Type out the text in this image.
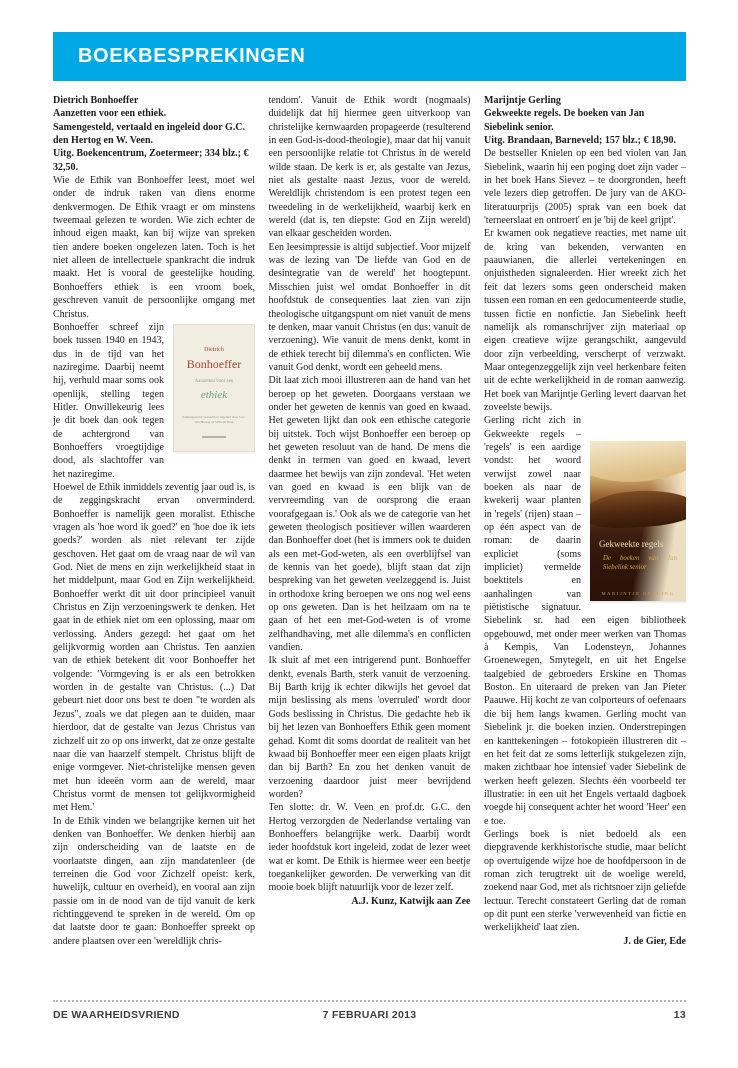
BOEKBESPREKINGEN
Dietrich Bonhoeffer
Aanzetten voor een ethiek.
Samengesteld, vertaald en ingeleid door G.C. den Hertog en W. Veen.
Uitg. Boekencentrum, Zoetermeer; 334 blz.; € 32,50.

Wie de Ethik van Bonhoeffer leest, moet wel onder de indruk raken van diens enorme denkvermogen. De Ethik vraagt er om minstens tweemaal gelezen te worden. Wie zich echter de inhoud eigen maakt, kan bij wijze van spreken tien andere boeken ongelezen laten. Toch is het niet alleen de intellectuele spankracht die indruk maakt. Het is vooral de geestelijke houding. Bonhoeffers ethiek is een vroom boek, geschreven vanuit de persoonlijke omgang met Christus.

Dietrich
Bonhoeffer
Aanzetten voor een
ethiek
Samengesteld, vertaald en ingeleid door G.C. den Hertog en Willem Veen

Bonhoeffer schreef zijn boek tussen 1940 en 1943, dus in de tijd van het naziregime. Daarbij neemt hij, verhuld maar soms ook openlijk, stelling tegen Hitler. Onwillekeurig lees je dit boek dan ook tegen de achtergrond van Bonhoeffers vroegtijdige dood, als slachtoffer van het naziregime.

Hoewel de Ethik inmiddels zeventig jaar oud is, is de zeggingskracht ervan onverminderd. Bonhoeffer is namelijk geen moralist. Ethische vragen als 'hoe word ik goed?' en 'hoe doe ik iets goeds?' worden als niet relevant ter zijde geschoven. Het gaat om de vraag naar de wil van God. Niet de mens en zijn werkelijkheid staat in het middelpunt, maar God en Zijn werkelijkheid. Bonhoeffer werkt dit uit door principieel vanuit Christus en Zijn verzoeningswerk te denken. Het gaat in de ethiek niet om een oplossing, maar om verlossing. Anders gezegd: het gaat om het gelijkvormig worden aan Christus. Ten aanzien van de ethiek betekent dit voor Bonhoeffer het volgende: 'Vormgeving is er als een betrokken worden in de gestalte van Christus. (...) Dat gebeurt niet door ons best te doen "te worden als Jezus", zoals we dat plegen aan te duiden, maar hierdoor, dat de gestalte van Jezus Christus van zichzelf uit zo op ons inwerkt, dat ze onze gestalte naar die van haarzelf stempelt. Christus blijft de enige vormgever. Niet-christelijke mensen geven met hun ideeën vorm aan de wereld, maar Christus vormt de mensen tot gelijkvormigheid met Hem.'

In de Ethik vinden we belangrijke kernen uit het denken van Bonhoeffer. We denken hierbij aan zijn onderscheiding van de laatste en de voorlaatste dingen, aan zijn mandatenleer (de terreinen die God voor Zichzelf opeist: kerk, huwelijk, cultuur en overheid), en vooral aan zijn passie om in de nood van de tijd vanuit de kerk richtinggevend te spreken in de wereld. Om op dat laatste door te gaan: Bonhoeffer spreekt op andere plaatsen over een 'wereldlijk chris-

tendom'. Vanuit de Ethik wordt (nogmaals) duidelijk dat hij hiermee geen uitverkoop van christelijke kernwaarden propageerde (resulterend in een God-is-dood-theologie), maar dat hij vanuit een persoonlijke relatie tot Christus in de wereld wilde staan. De kerk is er, als gestalte van Jezus, niet als gestalte naast Jezus, voor de wereld. Wereldlijk christendom is een protest tegen een tweedeling in de werkelijkheid, waarbij kerk en wereld (dat is, ten diepste: God en Zijn wereld) van elkaar gescheiden worden.

Een leesimpressie is altijd subjectief. Voor mijzelf was de lezing van 'De liefde van God en de desintegratie van de wereld' het hoogtepunt. Misschien juist wel omdat Bonhoeffer in dit hoofdstuk de consequenties laat zien van zijn theologische uitgangspunt om niet vanuit de mens te denken, maar vanuit Christus (en dus: vanuit de verzoening). Wie vanuit de mens denkt, komt in de ethiek terecht bij dilemma's en conflicten. Wie vanuit God denkt, wordt een geheeld mens.

Dit laat zich mooi illustreren aan de hand van het beroep op het geweten. Doorgaans verstaan we onder het geweten de kennis van goed en kwaad. Het geweten lijkt dan ook een ethische categorie bij uitstek. Toch wijst Bonhoeffer een beroep op het geweten resoluut van de hand. De mens die denkt in termen van goed en kwaad, levert daarmee het bewijs van zijn zondeval. 'Het weten van goed en kwaad is een blijk van de vervreemding van de oorsprong die eraan voorafgegaan is.' Ook als we de categorie van het geweten theologisch positiever willen waarderen dan Bonhoeffer doet (het is immers ook te duiden als een met-God-weten, als een overblijfsel van de kennis van het goede), blijft staan dat zijn bespreking van het geweten veelzeggend is. Juist in orthodoxe kring beroepen we ons nog wel eens op ons geweten. Dan is het heilzaam om na te gaan of het een met-God-weten is of vrome zelfhandhaving, met alle dilemma's en conflicten vandien.

Ik sluit af met een intrigerend punt. Bonhoeffer denkt, evenals Barth, sterk vanuit de verzoening. Bij Barth krijg ik echter dikwijls het gevoel dat mijn beslissing als mens 'overruled' wordt door Gods beslissing in Christus. Die gedachte heb ik bij het lezen van Bonhoeffers Ethik geen moment gehad. Komt dit soms doordat de realiteit van het kwaad bij Bonhoeffer meer een eigen plaats krijgt dan bij Barth? En zou het denken vanuit de verzoening daardoor juist meer bevrijdend worden?

Ten slotte: dr. W. Veen en prof.dr. G.C. den Hertog verzorgden de Nederlandse vertaling van Bonhoeffers belangrijke werk. Daarbij wordt ieder hoofdstuk kort ingeleid, zodat de lezer weet wat er komt. De Ethik is hiermee weer een beetje toegankelijker geworden. De verwerking van dit mooie boek blijft natuurlijk voor de lezer zelf.

A.J. Kunz, Katwijk aan Zee

Marijntje Gerling
Gekweekte regels. De boeken van Jan Siebelink senior.
Uitg. Brandaan, Barneveld; 157 blz.; € 18,90.

De bestseller Knielen op een bed violen van Jan Siebelink, waarin hij een poging doet zijn vader – in het boek Hans Sievez – te doorgronden, heeft vele lezers diep getroffen. De jury van de AKO-literatuurprijs (2005) sprak van een boek dat 'terneerslaat en ontroert' en je 'bij de keel grijpt'.

Er kwamen ook negatieve reacties, met name uit de kring van bekenden, verwanten en paauwianen, die allerlei vertekeningen en onjuistheden signaleerden. Hier wreekt zich het feit dat lezers soms geen onderscheid maken tussen een roman en een gedocumenteerde studie, tussen fictie en nonfictie. Jan Siebelink heeft namelijk als romanschrijver zijn materiaal op eigen creatieve wijze gerangschikt, aangevuld door zijn verbeelding, verscherpt of verzwakt. Maar ontegenzeggelijk zijn veel herkenbare feiten uit de echte werkelijkheid in de roman aanwezig. Het boek van Marijntje Gerling levert daarvan het zoveelste bewijs.

Gekweekte regels
De boeken van Jan Siebelink senior
MARIJNTJE GERLING

Gerling richt zich in Gekweekte regels – 'regels' is een aardige vondst: het woord verwijst zowel naar boeken als naar de kwekerij waar planten in 'regels' (rijen) staan – op één aspect van de roman: de daarin expliciet (soms impliciet) vermelde boektitels en aanhalingen van piëtistische signatuur. Siebelink sr. had een eigen bibliotheek opgebouwd, met onder meer werken van Thomas à Kempis, Van Lodensteyn, Johannes Groenewegen, Smytegelt, en uit het Engelse taalgebied de gebroeders Erskine en Thomas Boston. En uiteraard de preken van Jan Pieter Paauwe. Hij kocht ze van colporteurs of oefenaars die bij hem langs kwamen. Gerling mocht van Siebelink jr. die boeken inzien. Onderstrepingen en kanttekeningen – fotokopieën illustreren dit – en het feit dat ze soms letterlijk stukgelezen zijn, maken zichtbaar hoe intensief vader Siebelink de werken heeft gelezen. Slechts één voorbeeld ter illustratie: in een uit het Engels vertaald dagboek voegde hij consequent achter het woord 'Heer' een e toe.

Gerlings boek is niet bedoeld als een diepgravende kerkhistorische studie, maar belicht op overtuigende wijze hoe de hoofdpersoon in de roman zich terugtrekt uit de woelige wereld, zoekend naar God, met als richtsnoer zijn geliefde lectuur. Terecht constateert Gerling dat de roman op dit punt een sterke 'verwevenheid van fictie en werkelijkheid' laat zien.

J. de Gier, Ede

DE WAARHEIDSVRIEND	7 FEBRUARI 2013	13
